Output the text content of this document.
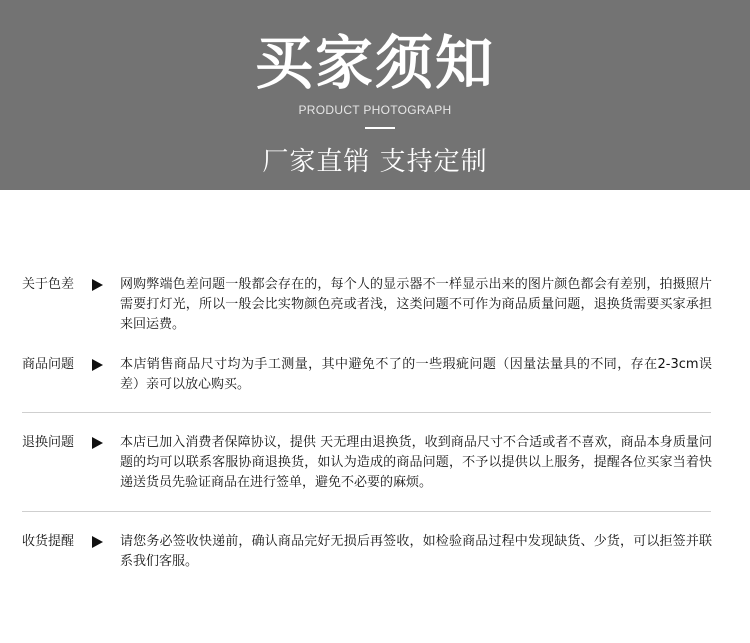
买家须知
PRODUCT PHOTOGRAPH
厂家直销 支持定制
关于色差	网购弊端色差问题一般都会存在的，每个人的显示器不一样显示出来的图片颜色都会有差别，拍摄照片需要打灯光，所以一般会比实物颜色亮或者浅，这类问题不可作为商品质量问题，退换货需要买家承担来回运费。
商品问题	本店销售商品尺寸均为手工测量，其中避免不了的一些瑕疵问题（因量法量具的不同，存在2-3cm误差）亲可以放心购买。
退换问题	本店已加入消费者保障协议，提供 天无理由退换货，收到商品尺寸不合适或者不喜欢，商品本身质量问题的均可以联系客服协商退换货，如认为造成的商品问题，不予以提供以上服务，提醒各位买家当着快递送货员先验证商品在进行签单，避免不必要的麻烦。
收货提醒	请您务必签收快递前，确认商品完好无损后再签收，如检验商品过程中发现缺货、少货，可以拒签并联系我们客服。
